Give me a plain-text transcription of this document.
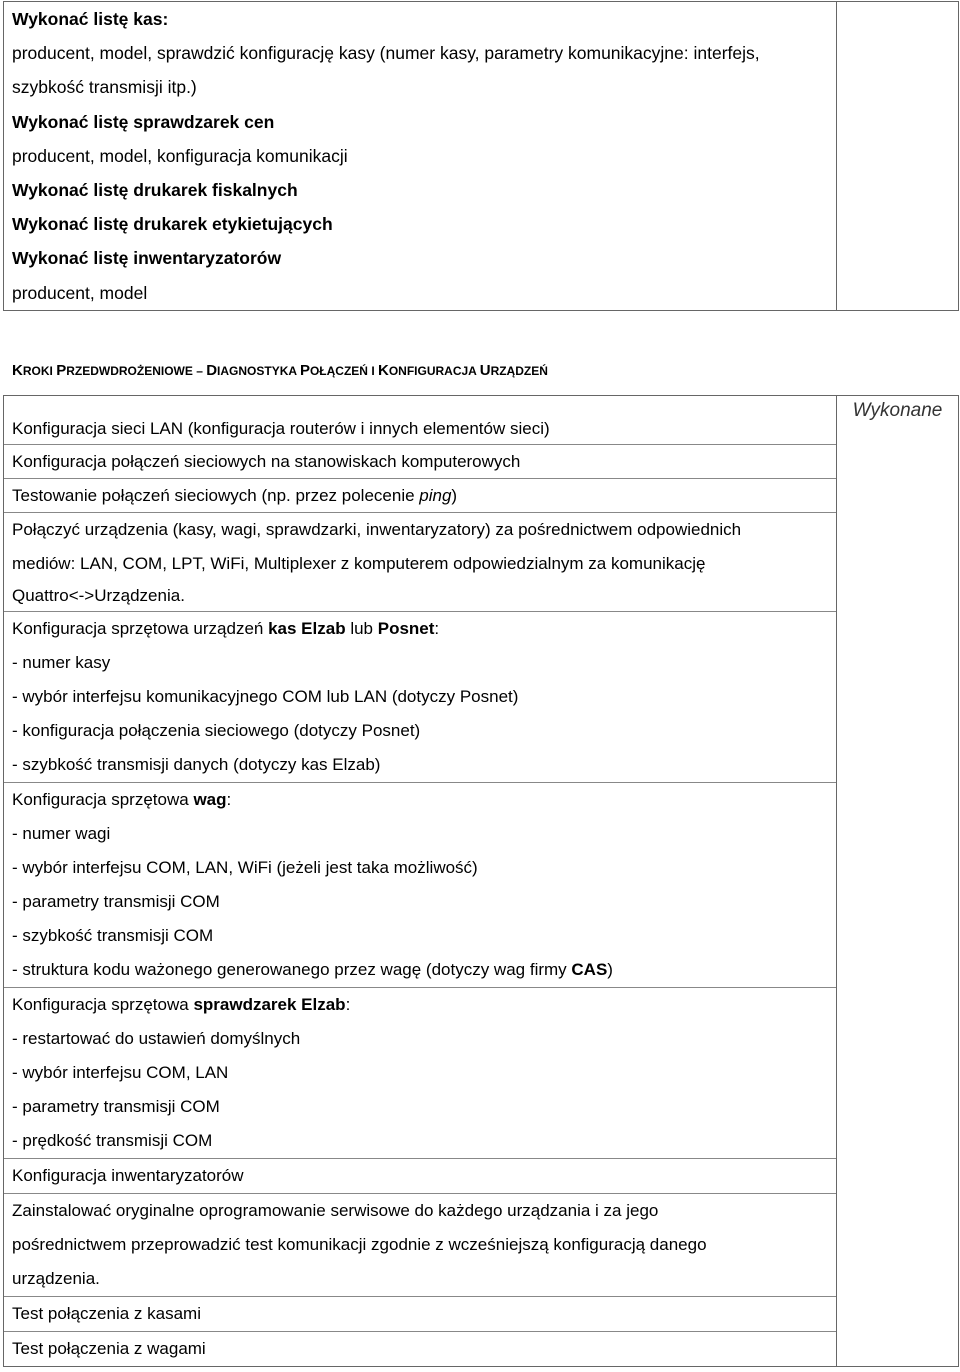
Wykonać listę kas:
producent, model, sprawdzić konfigurację kasy (numer kasy, parametry komunikacyjne: interfejs,
szybkość transmisji itp.)
Wykonać listę sprawdzarek cen
producent, model, konfiguracja komunikacji
Wykonać listę drukarek fiskalnych
Wykonać listę drukarek etykietujących
Wykonać listę inwentaryzatorów
producent, model

KROKI PRZEDWDROŻENIOWE – DIAGNOSTYKA POŁĄCZEŃ I KONFIGURACJA URZĄDZEŃ
Konfiguracja sieci LAN (konfiguracja routerów i innych elementów sieci)
Konfiguracja połączeń sieciowych na stanowiskach komputerowych
Testowanie połączeń sieciowych (np. przez polecenie ping)
Połączyć urządzenia (kasy, wagi, sprawdzarki, inwentaryzatory) za pośrednictwem odpowiednich
mediów: LAN, COM, LPT, WiFi, Multiplexer z komputerem odpowiedzialnym za komunikację
Quattro<->Urządzenia.
Konfiguracja sprzętowa urządzeń kas Elzab lub Posnet:
- numer kasy
- wybór interfejsu komunikacyjnego COM lub LAN (dotyczy Posnet)
- konfiguracja połączenia sieciowego (dotyczy Posnet)
- szybkość transmisji danych (dotyczy kas Elzab)
Konfiguracja sprzętowa wag:
- numer wagi
- wybór interfejsu COM, LAN, WiFi (jeżeli jest taka możliwość)
- parametry transmisji COM
- szybkość transmisji COM
- struktura kodu ważonego generowanego przez wagę (dotyczy wag firmy CAS)
Konfiguracja sprzętowa sprawdzarek Elzab:
- restartować do ustawień domyślnych
- wybór interfejsu COM, LAN
- parametry transmisji COM
- prędkość transmisji COM
Konfiguracja inwentaryzatorów
Zainstalować oryginalne oprogramowanie serwisowe do każdego urządzania i za jego
pośrednictwem przeprowadzić test komunikacji zgodnie z wcześniejszą konfiguracją danego
urządzenia.
Test połączenia z kasami
Test połączenia z wagami

Wykonane
